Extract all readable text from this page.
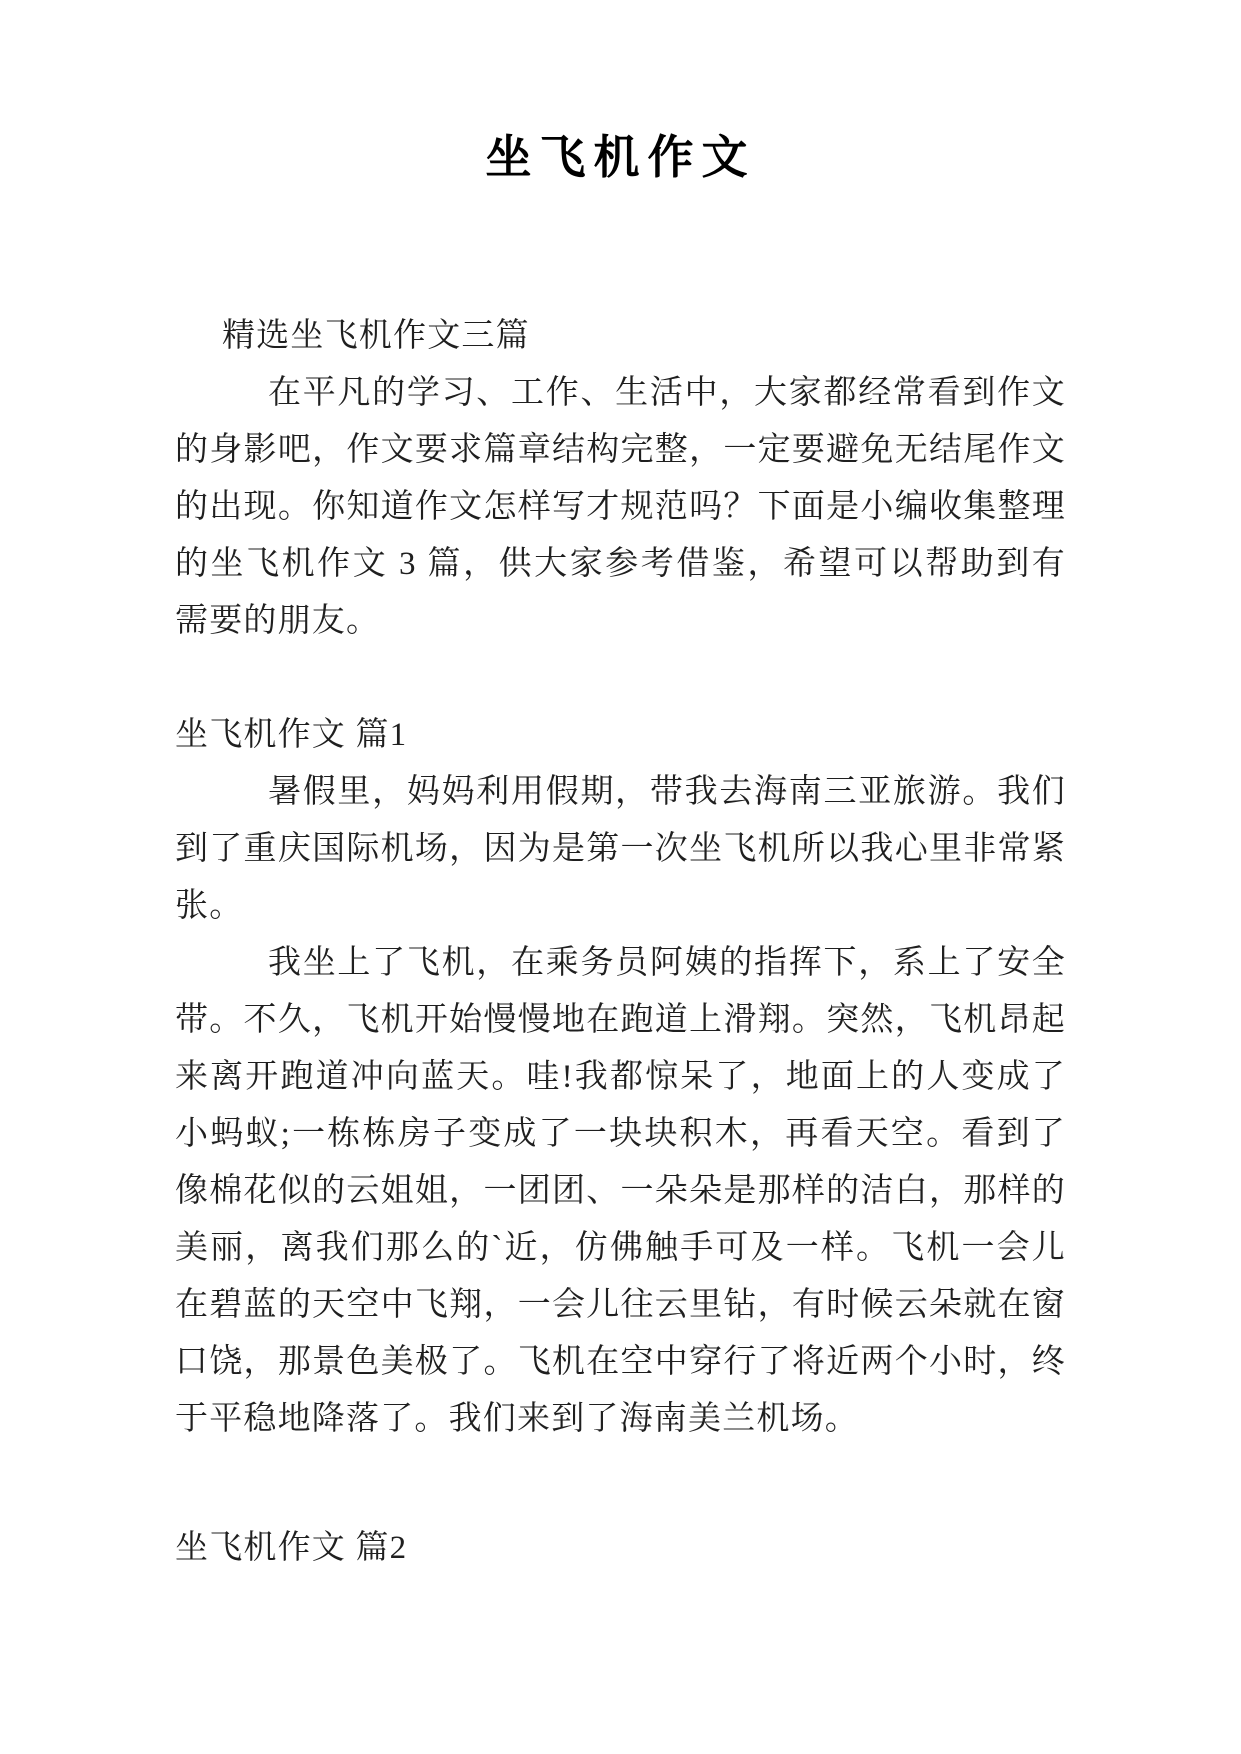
坐飞机作文

精选坐飞机作文三篇

在平凡的学习、工作、生活中，大家都经常看到作文的身影吧，作文要求篇章结构完整，一定要避免无结尾作文的出现。你知道作文怎样写才规范吗？下面是小编收集整理的坐飞机作文 3 篇，供大家参考借鉴，希望可以帮助到有需要的朋友。

坐飞机作文 篇1

暑假里，妈妈利用假期，带我去海南三亚旅游。我们到了重庆国际机场，因为是第一次坐飞机所以我心里非常紧张。

我坐上了飞机，在乘务员阿姨的指挥下，系上了安全带。不久，飞机开始慢慢地在跑道上滑翔。突然，飞机昂起来离开跑道冲向蓝天。哇!我都惊呆了，地面上的人变成了小蚂蚁;一栋栋房子变成了一块块积木，再看天空。看到了像棉花似的云姐姐，一团团、一朵朵是那样的洁白，那样的美丽，离我们那么的`近，仿佛触手可及一样。飞机一会儿在碧蓝的天空中飞翔，一会儿往云里钻，有时候云朵就在窗口饶，那景色美极了。飞机在空中穿行了将近两个小时，终于平稳地降落了。我们来到了海南美兰机场。

坐飞机作文 篇2
